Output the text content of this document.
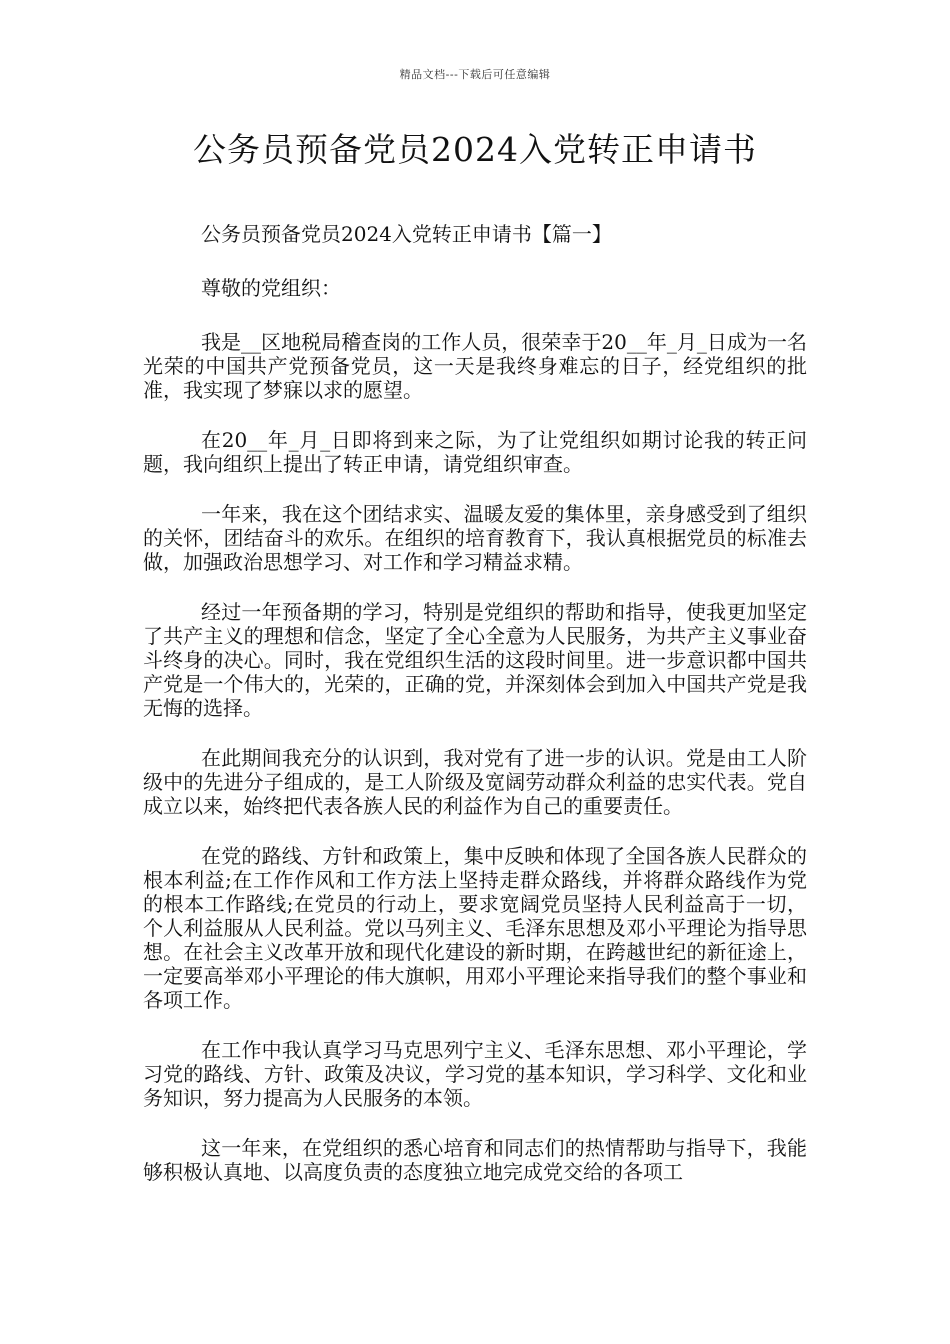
精品文档---下载后可任意编辑
公务员预备党员2024入党转正申请书

公务员预备党员2024入党转正申请书【篇一】

尊敬的党组织：

我是__区地税局稽查岗的工作人员，很荣幸于20__年_月_日成为一名光荣的中国共产党预备党员，这一天是我终身难忘的日子，经党组织的批准，我实现了梦寐以求的愿望。

在20__年_月_日即将到来之际，为了让党组织如期讨论我的转正问题，我向组织上提出了转正申请，请党组织审查。

一年来，我在这个团结求实、温暖友爱的集体里，亲身感受到了组织的关怀，团结奋斗的欢乐。在组织的培育教育下，我认真根据党员的标准去做，加强政治思想学习、对工作和学习精益求精。

经过一年预备期的学习，特别是党组织的帮助和指导，使我更加坚定了共产主义的理想和信念，坚定了全心全意为人民服务，为共产主义事业奋斗终身的决心。同时，我在党组织生活的这段时间里。进一步意识都中国共产党是一个伟大的，光荣的，正确的党，并深刻体会到加入中国共产党是我无悔的选择。

在此期间我充分的认识到，我对党有了进一步的认识。党是由工人阶级中的先进分子组成的，是工人阶级及宽阔劳动群众利益的忠实代表。党自成立以来，始终把代表各族人民的利益作为自己的重要责任。

在党的路线、方针和政策上，集中反映和体现了全国各族人民群众的根本利益;在工作作风和工作方法上坚持走群众路线，并将群众路线作为党的根本工作路线;在党员的行动上，要求宽阔党员坚持人民利益高于一切，个人利益服从人民利益。党以马列主义、毛泽东思想及邓小平理论为指导思想。在社会主义改革开放和现代化建设的新时期，在跨越世纪的新征途上，一定要高举邓小平理论的伟大旗帜，用邓小平理论来指导我们的整个事业和各项工作。

在工作中我认真学习马克思列宁主义、毛泽东思想、邓小平理论，学习党的路线、方针、政策及决议，学习党的基本知识，学习科学、文化和业务知识，努力提高为人民服务的本领。

这一年来，在党组织的悉心培育和同志们的热情帮助与指导下，我能够积极认真地、以高度负责的态度独立地完成党交给的各项工
